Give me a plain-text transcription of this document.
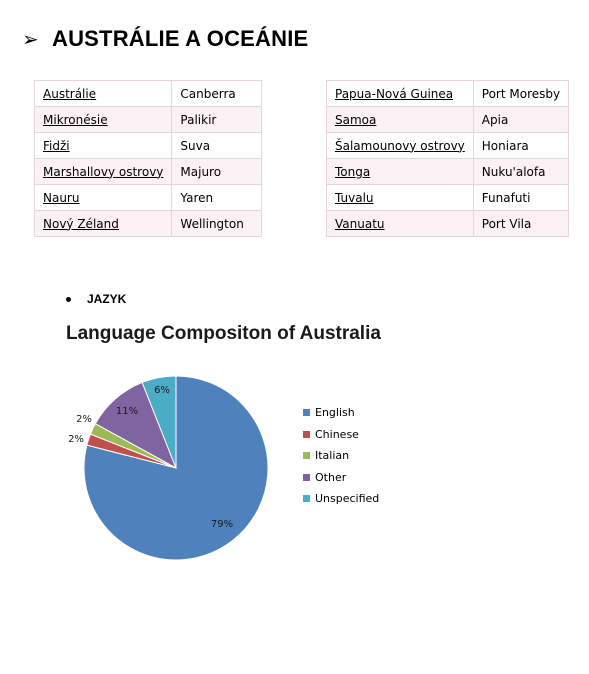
➢ AUSTRÁLIE A OCEÁNIE
Austrálie	Canberra
Mikronésie	Palikir
Fidži	Suva
Marshallovy ostrovy	Majuro
Nauru	Yaren
Nový Zéland	Wellington
Papua-Nová Guinea	Port Moresby
Samoa	Apia
Šalamounovy ostrovy	Honiara
Tonga	Nuku'alofa
Tuvalu	Funafuti
Vanuatu	Port Vila
JAZYK
Language Compositon of Australia
79%
2%
2%
11%
6%
English
Chinese
Italian
Other
Unspecified
